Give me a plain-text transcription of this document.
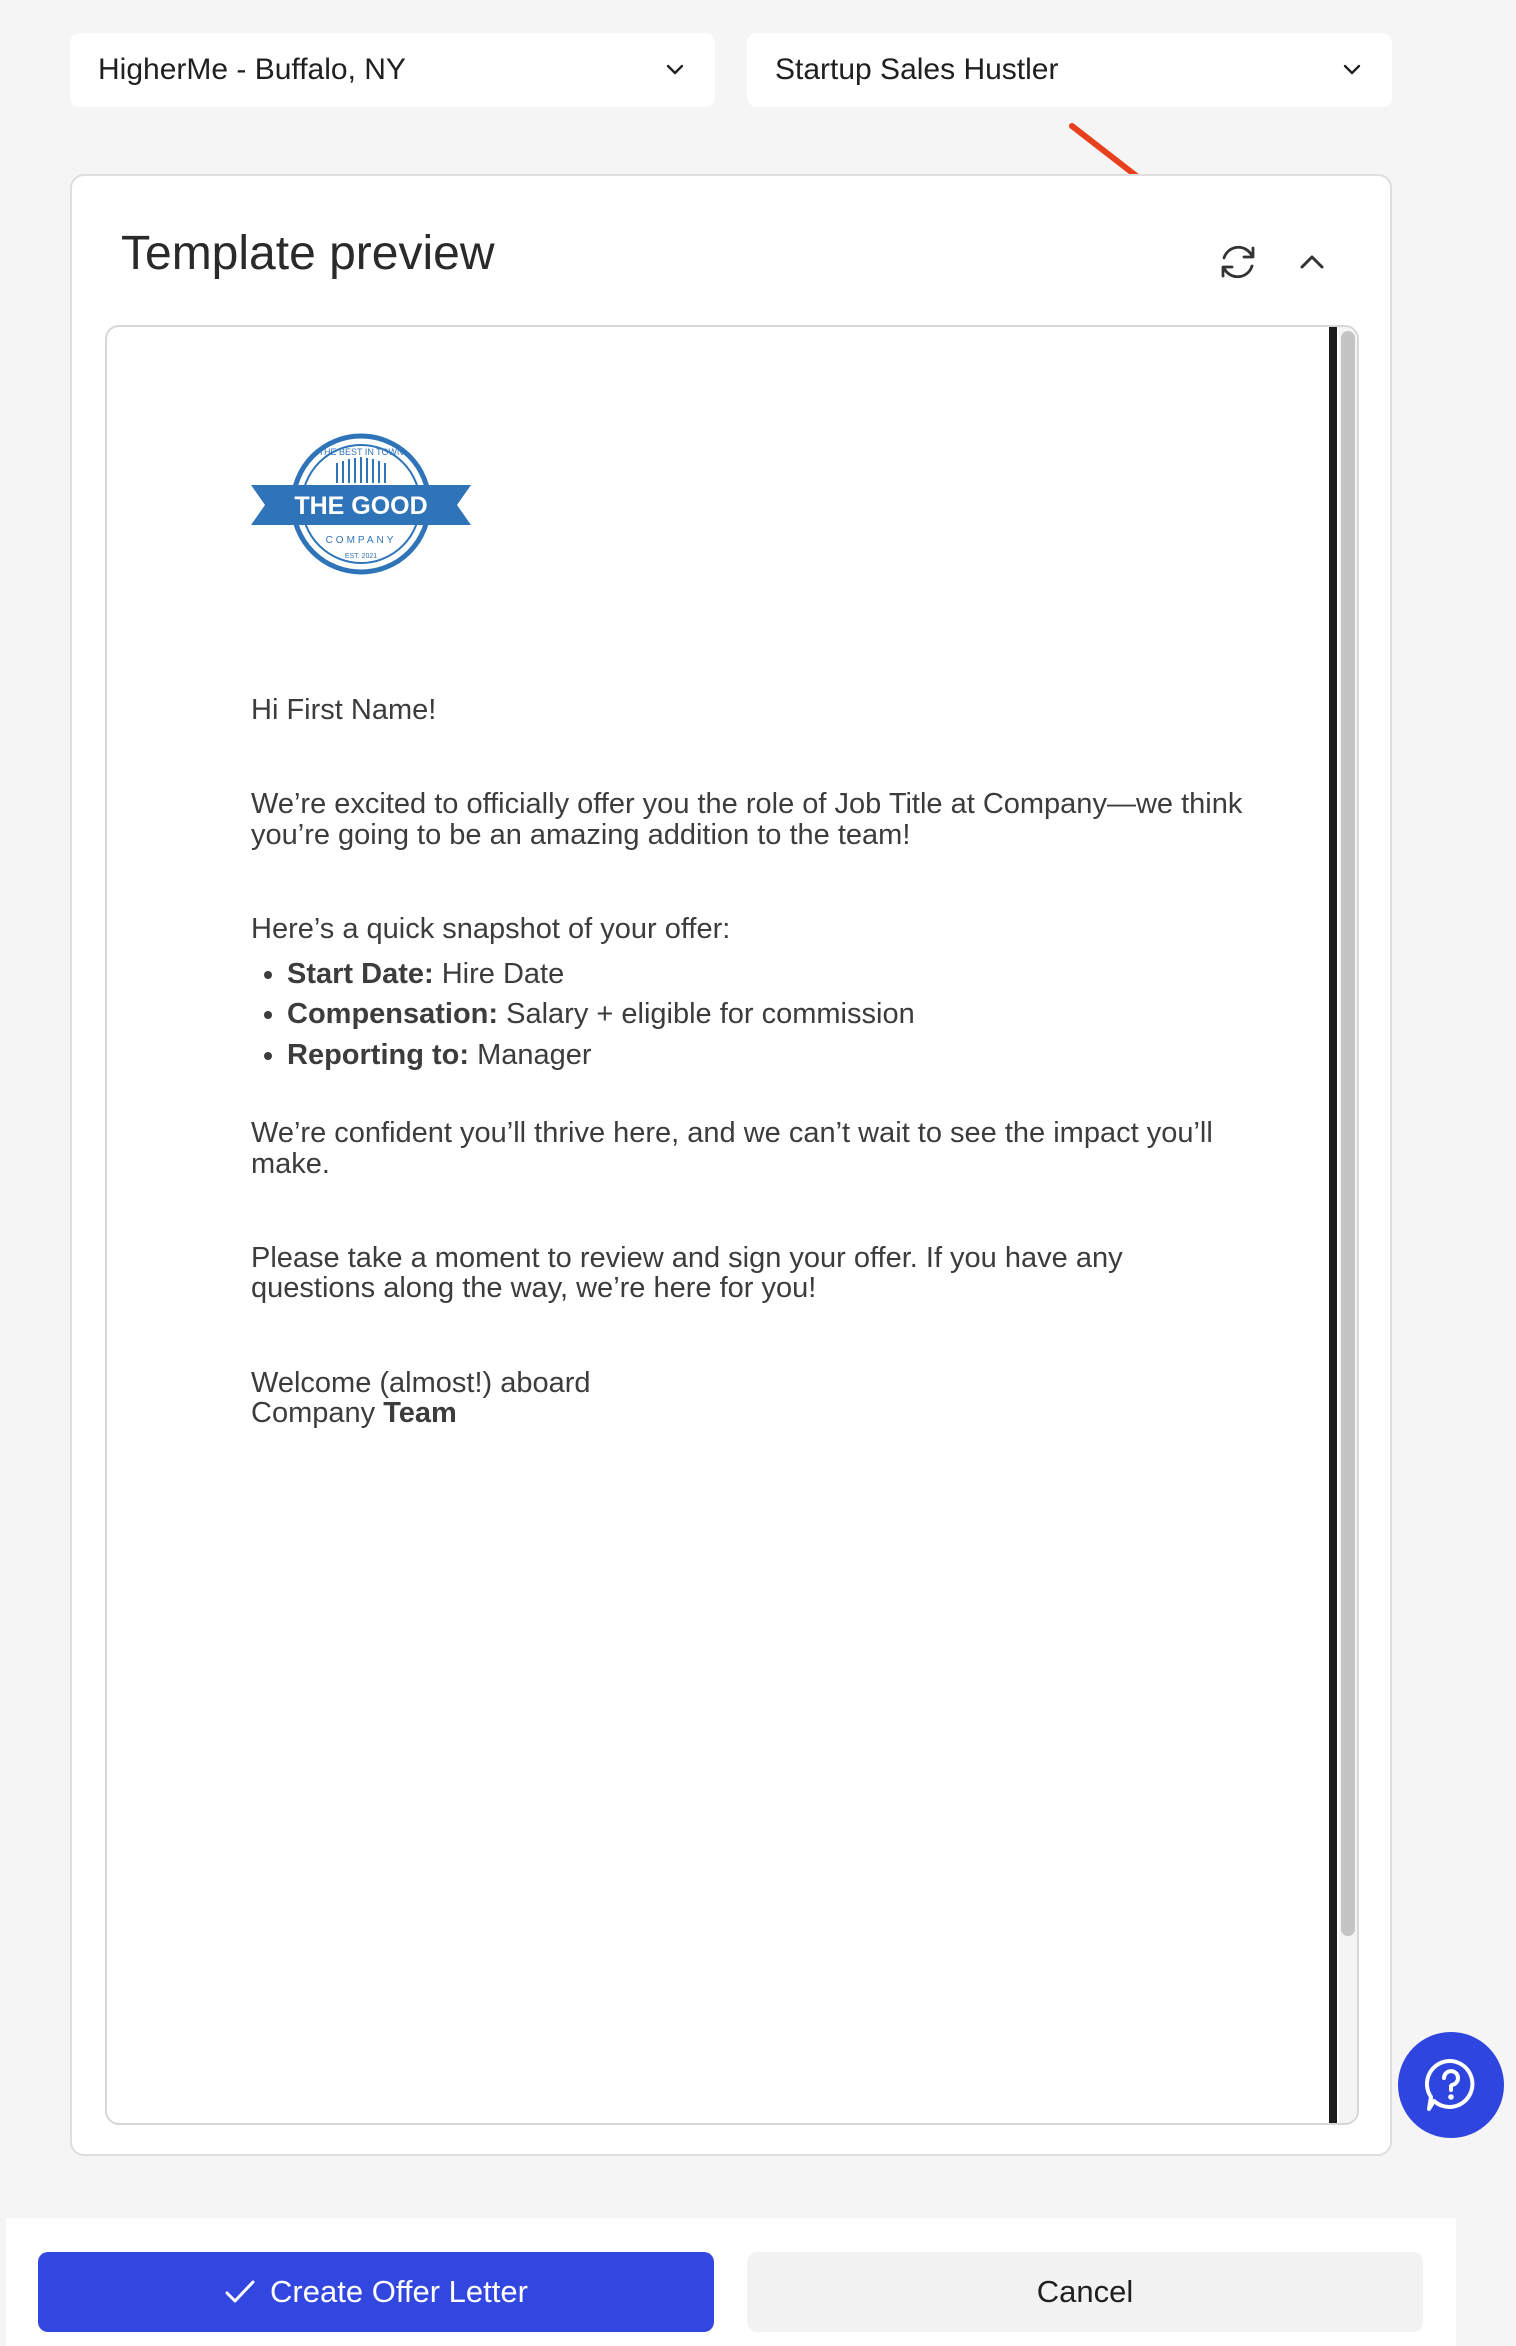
HigherMe - Buffalo, NY	Startup Sales Hustler
Template preview
THE GOOD
THE BEST IN TOWN
COMPANY
EST. 2021

Hi First Name!

We’re excited to officially offer you the role of Job Title at Company—we think you’re going to be an amazing addition to the team!

Here’s a quick snapshot of your offer:

• Start Date: Hire Date
• Compensation: Salary + eligible for commission
• Reporting to: Manager

We’re confident you’ll thrive here, and we can’t wait to see the impact you’ll make.

Please take a moment to review and sign your offer. If you have any questions along the way, we’re here for you!

Welcome (almost!) aboard

Company Team

Create Offer Letter	Cancel
